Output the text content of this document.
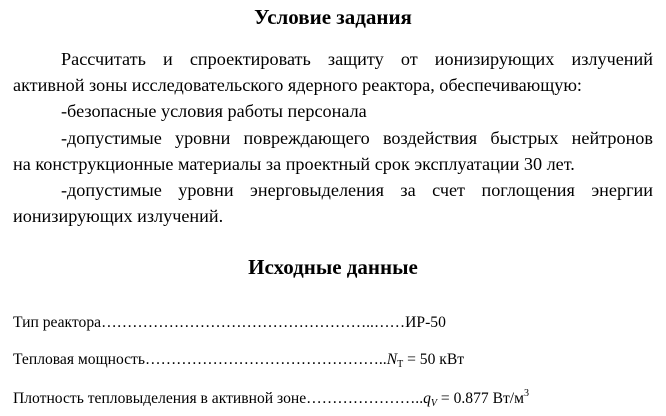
Условие задания

Рассчитать и спроектировать защиту от ионизирующих излучений

активной зоны исследовательского ядерного реактора, обеспечивающую:

-безопасные условия работы персонала

-допустимые уровни повреждающего воздействия быстрых нейтронов

на конструкционные материалы за проектный срок эксплуатации 30 лет.

-допустимые уровни энерговыделения за счет поглощения энергии

ионизирующих излучений.

Исходные данные
Тип реактора……………………………………………..……ИР-50
Тепловая $мощность\dots\dots\dots\dots\dots\dots\dots\dots\dots\dots\dots\dots\dots\dots\dots..N_T = 50$ кВт
Плотность тепловыделения в активной $зоне\dots\dots\dots\dots\dots\dots\dots..q_V = 0.877$ $Вт/м^3$
